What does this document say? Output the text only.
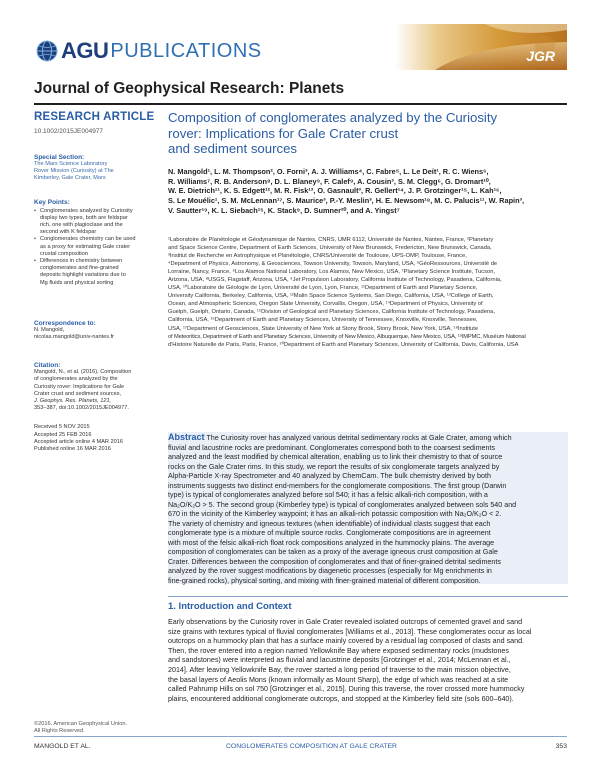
AGU PUBLICATIONS	JGR
Journal of Geophysical Research: Planets
RESEARCH ARTICLE
10.1002/2015JE004977
Special Section:
The Mars Science Laboratory
Rover Mission (Curiosity) at The
Kimberley, Gale Crater, Mars
Key Points:
• Conglomerates analyzed by Curiosity
display two types, both are feldspar
rich, one with plagioclase and the
second with K feldspar
• Conglomerates chemistry can be used
as a proxy for estimating Gale crater
crustal composition
• Differences in chemistry between
conglomerates and fine-grained
deposits highlight variations due to
Mg fluids and physical sorting
Correspondence to:
N. Mangold,
nicolas.mangold@univ-nantes.fr
Citation:
Mangold, N., et al. (2016), Composition
of conglomerates analyzed by the
Curiosity rover: Implications for Gale
Crater crust and sediment sources,
J. Geophys. Res. Planets, 121,
353–387, doi:10.1002/2015JE004977.
Received 5 NOV 2015
Accepted 25 FEB 2016
Accepted article online 4 MAR 2016
Published online 16 MAR 2016
©2016. American Geophysical Union.
All Rights Reserved.
Composition of conglomerates analyzed by the Curiosity
rover: Implications for Gale Crater crust
and sediment sources
N. Mangold¹, L. M. Thompson², O. Forni³, A. J. Williams⁴, C. Fabre⁵, L. Le Deít¹, R. C. Wiens⁶,
R. Williams⁷, R. B. Anderson⁸, D. L. Blaney⁹, F. Calef⁹, A. Cousin³, S. M. Clegg⁶, G. Dromart¹⁰,
W. E. Dietrich¹¹, K. S. Edgett¹², M. R. Fisk¹³, O. Gasnault³, R. Gellert¹⁴, J. P. Grotzinger¹⁵, L. Kah¹⁶,
S. Le Mouélic¹, S. M. McLennan¹⁷, S. Maurice³, P.-Y. Meslin³, H. E. Newsom¹⁸, M. C. Palucis¹¹, W. Rapin³,
V. Sautter¹⁹, K. L. Siebach¹⁵, K. Stack⁹, D. Sumner²⁰, and A. Yingst⁷
¹Laboratoire de Planétologie et Géodynamique de Nantes, CNRS, UMR 6112, Université de Nantes, Nantes, France, ²Planetary
and Space Science Centre, Department of Earth Sciences, University of New Brunswick, Fredericton, New Brunswick, Canada,
³Institut de Recherche en Astrophysique et Planétologie, CNRS/Université de Toulouse, UPS-OMP, Toulouse, France,
⁴Department of Physics, Astronomy, & Geosciences, Towson University, Towson, Maryland, USA, ⁵GéoRessources, Université de
Lorraine, Nancy, France, ⁶Los Alamos National Laboratory, Los Alamos, New Mexico, USA, ⁷Planetary Science Institute, Tucson,
Arizona, USA, ⁸USGS, Flagstaff, Arizona, USA, ⁹Jet Propulsion Laboratory, California Institute of Technology, Pasadena, California,
USA, ¹⁰Laboratoire de Géologie de Lyon, Université de Lyon, Lyon, France, ¹¹Department of Earth and Planetary Science,
University California, Berkeley, California, USA, ¹²Malin Space Science Systems, San Diego, California, USA, ¹³College of Earth,
Ocean, and Atmospheric Sciences, Oregon State University, Corvallis, Oregon, USA, ¹⁴Department of Physics, University of
Guelph, Guelph, Ontario, Canada, ¹⁵Division of Geological and Planetary Sciences, California Institute of Technology, Pasadena,
California, USA, ¹⁶Department of Earth and Planetary Sciences, University of Tennessee, Knoxville, Knoxville, Tennessee,
USA, ¹⁷Department of Geosciences, State University of New York at Stony Brook, Stony Brook, New York, USA, ¹⁸Institute
of Meteoritics, Department of Earth and Planetary Sciences, University of New Mexico, Albuquerque, New Mexico, USA, ¹⁹IMPMC, Muséum National
d'Histoire Naturelle de Paris, Paris, France, ²⁰Department of Earth and Planetary Sciences, University of California, Davis, California, USA
Abstract The Curiosity rover has analyzed various detrital sedimentary rocks at Gale Crater, among which
fluvial and lacustrine rocks are predominant. Conglomerates correspond both to the coarsest sediments
analyzed and the least modified by chemical alteration, enabling us to link their chemistry to that of source
rocks on the Gale Crater rims. In this study, we report the results of six conglomerate targets analyzed by
Alpha-Particle X-ray Spectrometer and 40 analyzed by ChemCam. The bulk chemistry derived by both
instruments suggests two distinct end-members for the conglomerate compositions. The first group (Darwin
type) is typical of conglomerates analyzed before sol 540; it has a felsic alkali-rich composition, with a
Na₂O/K₂O > 5. The second group (Kimberley type) is typical of conglomerates analyzed between sols 540 and
670 in the vicinity of the Kimberley waypoint; it has an alkali-rich potassic composition with Na₂O/K₂O < 2.
The variety of chemistry and igneous textures (when identifiable) of individual clasts suggest that each
conglomerate type is a mixture of multiple source rocks. Conglomerate compositions are in agreement
with most of the felsic alkali-rich float rock compositions analyzed in the hummocky plains. The average
composition of conglomerates can be taken as a proxy of the average igneous crust composition at Gale
Crater. Differences between the composition of conglomerates and that of finer-grained detrital sediments
analyzed by the rover suggest modifications by diagenetic processes (especially for Mg enrichments in
fine-grained rocks), physical sorting, and mixing with finer-grained material of different composition.
1. Introduction and Context
Early observations by the Curiosity rover in Gale Crater revealed isolated outcrops of cemented gravel and sand
size grains with textures typical of fluvial conglomerates [Williams et al., 2013]. These conglomerates occur as local
outcrops on a hummocky plain that has a surface mainly covered by a residual lag composed of clasts and sand.
Then, the rover entered into a region named Yellowknife Bay where exposed sedimentary rocks (mudstones
and sandstones) were interpreted as fluvial and lacustrine deposits [Grotzinger et al., 2014; McLennan et al.,
2014]. After leaving Yellowknife Bay, the rover started a long period of traverse to the main mission objective,
the basal layers of Aeolis Mons (known informally as Mount Sharp), the edge of which was reached at a site
called Pahrump Hills on sol 750 [Grotzinger et al., 2015]. During this traverse, the rover crossed more hummocky
plains, encountered additional conglomerate outcrops, and stopped at the Kimberley field site (sols 600–640).
MANGOLD ET AL.	CONGLOMERATES COMPOSITION AT GALE CRATER	353
